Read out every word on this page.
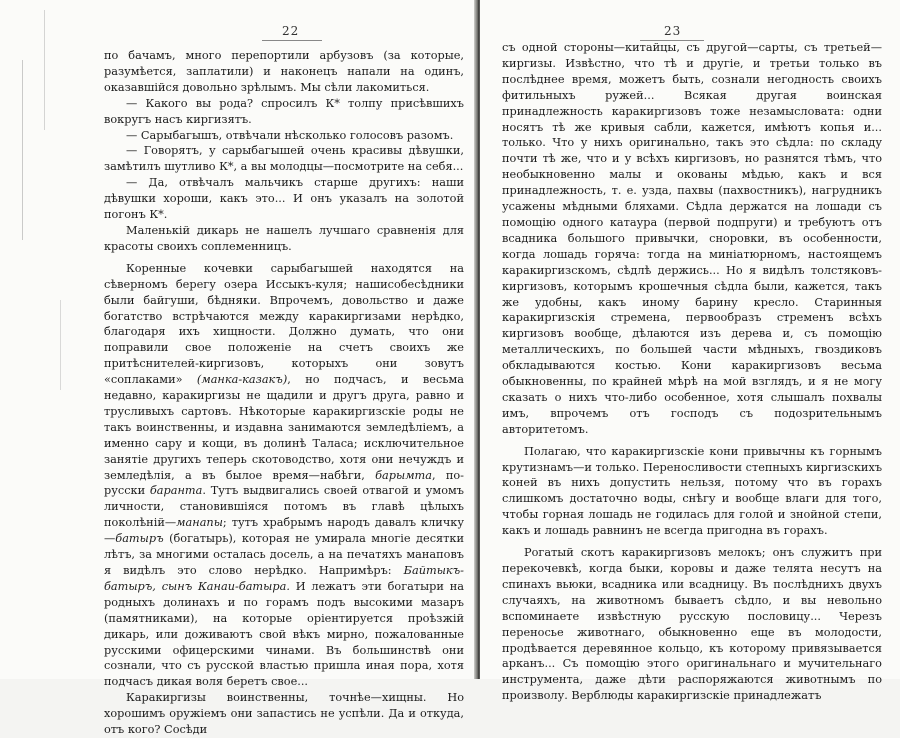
22

по бачамъ, много перепортили арбузовъ (за которые, разумѣется, заплатили) и наконецъ напали на одинъ, оказавшійся довольно зрѣлымъ. Мы сѣли лакомиться.

— Какого вы рода? спросилъ К* толпу присѣвшихъ вокругъ насъ киргизятъ.

— Сарыбагышъ, отвѣчали нѣсколько голосовъ разомъ.

— Говорятъ, у сарыбагышей очень красивы дѣвушки, замѣтилъ шутливо К*, а вы молодцы—посмотрите на себя...

— Да, отвѣчалъ мальчикъ старше другихъ: наши дѣвушки хороши, какъ это... И онъ указалъ на золотой погонъ К*.

Маленькій дикарь не нашелъ лучшаго сравненія для красоты своихъ соплеменницъ.

Коренные кочевки сарыбагышей находятся на сѣверномъ берегу озера Иссыкъ-куля; нашисобесѣдники были байгуши, бѣдняки. Впрочемъ, довольство и даже богатство встрѣчаются между каракиргизами нерѣдко, благодаря ихъ хищности. Должно думать, что они поправили свое положеніе на счетъ своихъ же притѣснителей-киргизовъ, которыхъ они зовутъ «соплаками» (манка-казакъ), но подчасъ, и весьма недавно, каракиргизы не щадили и другъ друга, равно и трусливыхъ сартовъ. Нѣкоторые каракиргизскіе роды не такъ воинственны, и издавна занимаются земледѣліемъ, а именно сару и кощи, въ долинѣ Таласа; исключительное занятіе другихъ теперь скотоводство, хотя они нечуждъ и земледѣлія, а въ былое время—набѣги, барымта, по-русски баранта. Тутъ выдвигались своей отвагой и умомъ личности, становившіяся потомъ въ главѣ цѣлыхъ поколѣній—манапы; тутъ храбрымъ народъ давалъ кличку—батыръ (богатырь), которая не умирала многіе десятки лѣтъ, за многими осталась досель, а на печатяхъ манаповъ я видѣлъ это слово нерѣдко. Напримѣръ: Байтыкъ-батыръ, сынъ Канаи-батыра. И лежатъ эти богатыри на родныхъ долинахъ и по горамъ подъ высокими мазаръ (памятниками), на которые оріентируется проѣзжій дикарь, или доживаютъ свой вѣкъ мирно, пожалованные русскими офицерскими чинами. Въ большинствѣ они сознали, что съ русской властью пришла иная пора, хотя подчасъ дикая воля беретъ свое...

Каракиргизы воинственны, точнѣе—хищны. Но хорошимъ оружіемъ они запастись не успѣли. Да и откуда, отъ кого? Сосѣди

23

съ одной стороны—китайцы, съ другой—сарты, съ третьей—киргизы. Извѣстно, что тѣ и другіе, и третьи только въ послѣднее время, можетъ быть, сознали негодность своихъ фитильныхъ ружей... Всякая другая воинская принадлежность каракиргизовъ тоже незамысловата: одни носятъ тѣ же кривыя сабли, кажется, имѣютъ копья и... только. Что у нихъ оригинально, такъ это сѣдла: по складу почти тѣ же, что и у всѣхъ киргизовъ, но разнятся тѣмъ, что необыкновенно малы и окованы мѣдью, какъ и вся принадлежность, т. е. узда, пахвы (пахвостникъ), нагрудникъ усажены мѣдными бляхами. Сѣдла держатся на лошади съ помощію одного катаура (первой подпруги) и требуютъ отъ всадника большого привычки, сноровки, въ особенности, когда лошадь горяча: тогда на миніатюрномъ, настоящемъ каракиргизскомъ, сѣдлѣ держись... Но я видѣлъ толстяковъ-киргизовъ, которымъ крошечныя сѣдла были, кажется, такъ же удобны, какъ иному барину кресло. Старинныя каракиргизскія стремена, первообразъ стременъ всѣхъ киргизовъ вообще, дѣлаются изъ дерева и, съ помощію металлическихъ, по большей части мѣдныхъ, гвоздиковъ обкладываются костью. Кони каракиргизовъ весьма обыкновенны, по крайней мѣрѣ на мой взглядъ, и я не могу сказать о нихъ что-либо особенное, хотя слышалъ похвалы имъ, впрочемъ отъ господъ съ подозрительнымъ авторитетомъ.

Полагаю, что каракиргизскіе кони привычны къ горнымъ крутизнамъ—и только. Переносливости степныхъ киргизскихъ коней въ нихъ допустить нельзя, потому что въ горахъ слишкомъ достаточно воды, снѣгу и вообще влаги для того, чтобы горная лошадь не годилась для голой и знойной степи, какъ и лошадь равнинъ не всегда пригодна въ горахъ.

Рогатый скотъ каракиргизовъ мелокъ; онъ служитъ при перекочевкѣ, когда быки, коровы и даже телята несутъ на спинахъ вьюки, всадника или всадницу. Въ послѣднихъ двухъ случаяхъ, на животномъ бываетъ сѣдло, и вы невольно вспоминаете извѣстную русскую пословицу... Черезъ переносье животнаго, обыкновенно еще въ молодости, продѣвается деревянное кольцо, къ которому привязывается арканъ... Съ помощію этого оригинальнаго и мучительнаго инструмента, даже дѣти распоряжаются животнымъ по произволу. Верблюды каракиргизскіе принадлежатъ
